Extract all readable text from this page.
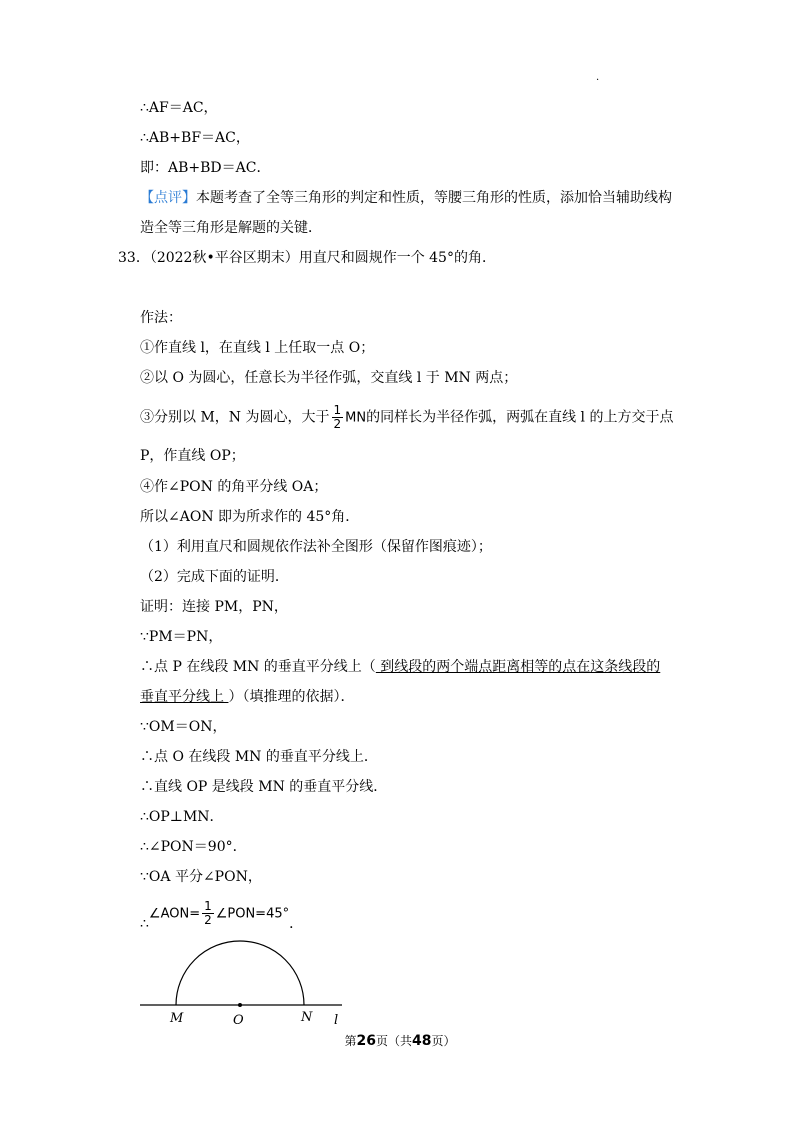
.
∴AF＝AC，
∴AB+BF＝AC，
即：AB+BD＝AC．
【点评】本题考查了全等三角形的判定和性质，等腰三角形的性质，添加恰当辅助线构
造全等三角形是解题的关键．
33．（2022秋•平谷区期末）用直尺和圆规作一个 45°的角．
作法：
①作直线 l，在直线 l 上任取一点 O；
②以 O 为圆心，任意长为半径作弧，交直线 l 于 MN 两点；
③分别以 M，N 为圆心，大于 $\frac{1}{2}$ MN的同样长为半径作弧，两弧在直线 l 的上方交于点
P，作直线 OP；
④作∠PON 的角平分线 OA；
所以∠AON 即为所求作的 45°角．
（1）利用直尺和圆规依作法补全图形（保留作图痕迹）；
（2）完成下面的证明．
证明：连接 PM，PN，
∵PM＝PN，
∴点 P 在线段 MN 的垂直平分线上（ 到线段的两个端点距离相等的点在这条线段的
垂直平分线上 ）（填推理的依据）．
∵OM＝ON，
∴点 O 在线段 MN 的垂直平分线上．
∴直线 OP 是线段 MN 的垂直平分线．
∴OP⊥MN．
∴∠PON＝90°．
∵OA 平分∠PON，
∴∠AON= $\frac{1}{2}$ ∠PON=45°．
M	O	N l
第26页（共48页）
